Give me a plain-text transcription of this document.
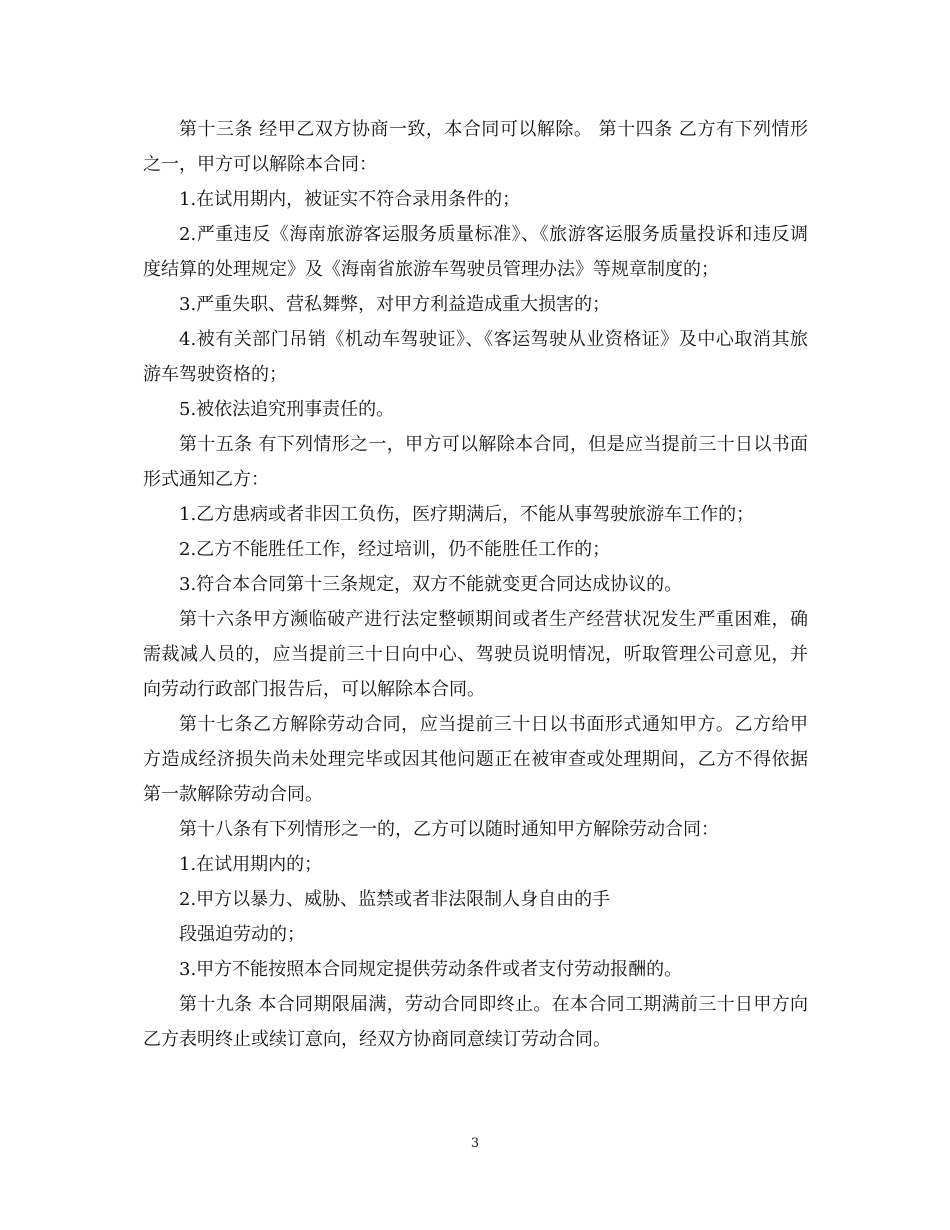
第十三条 经甲乙双方协商一致，本合同可以解除。 第十四条 乙方有下列情形之一，甲方可以解除本合同：

1.在试用期内，被证实不符合录用条件的；

2.严重违反《海南旅游客运服务质量标准》、《旅游客运服务质量投诉和违反调度结算的处理规定》及《海南省旅游车驾驶员管理办法》等规章制度的；

3.严重失职、营私舞弊，对甲方利益造成重大损害的；

4.被有关部门吊销《机动车驾驶证》、《客运驾驶从业资格证》及中心取消其旅游车驾驶资格的；

5.被依法追究刑事责任的。

第十五条 有下列情形之一，甲方可以解除本合同，但是应当提前三十日以书面形式通知乙方：

1.乙方患病或者非因工负伤，医疗期满后，不能从事驾驶旅游车工作的；

2.乙方不能胜任工作，经过培训，仍不能胜任工作的；

3.符合本合同第十三条规定，双方不能就变更合同达成协议的。

第十六条甲方濒临破产进行法定整顿期间或者生产经营状况发生严重困难，确需裁减人员的，应当提前三十日向中心、驾驶员说明情况，听取管理公司意见，并向劳动行政部门报告后，可以解除本合同。

第十七条乙方解除劳动合同，应当提前三十日以书面形式通知甲方。乙方给甲方造成经济损失尚未处理完毕或因其他问题正在被审查或处理期间，乙方不得依据第一款解除劳动合同。

第十八条有下列情形之一的，乙方可以随时通知甲方解除劳动合同：

1.在试用期内的；

2.甲方以暴力、威胁、监禁或者非法限制人身自由的手

段强迫劳动的；

3.甲方不能按照本合同规定提供劳动条件或者支付劳动报酬的。

第十九条 本合同期限届满，劳动合同即终止。在本合同工期满前三十日甲方向乙方表明终止或续订意向，经双方协商同意续订劳动合同。

3
